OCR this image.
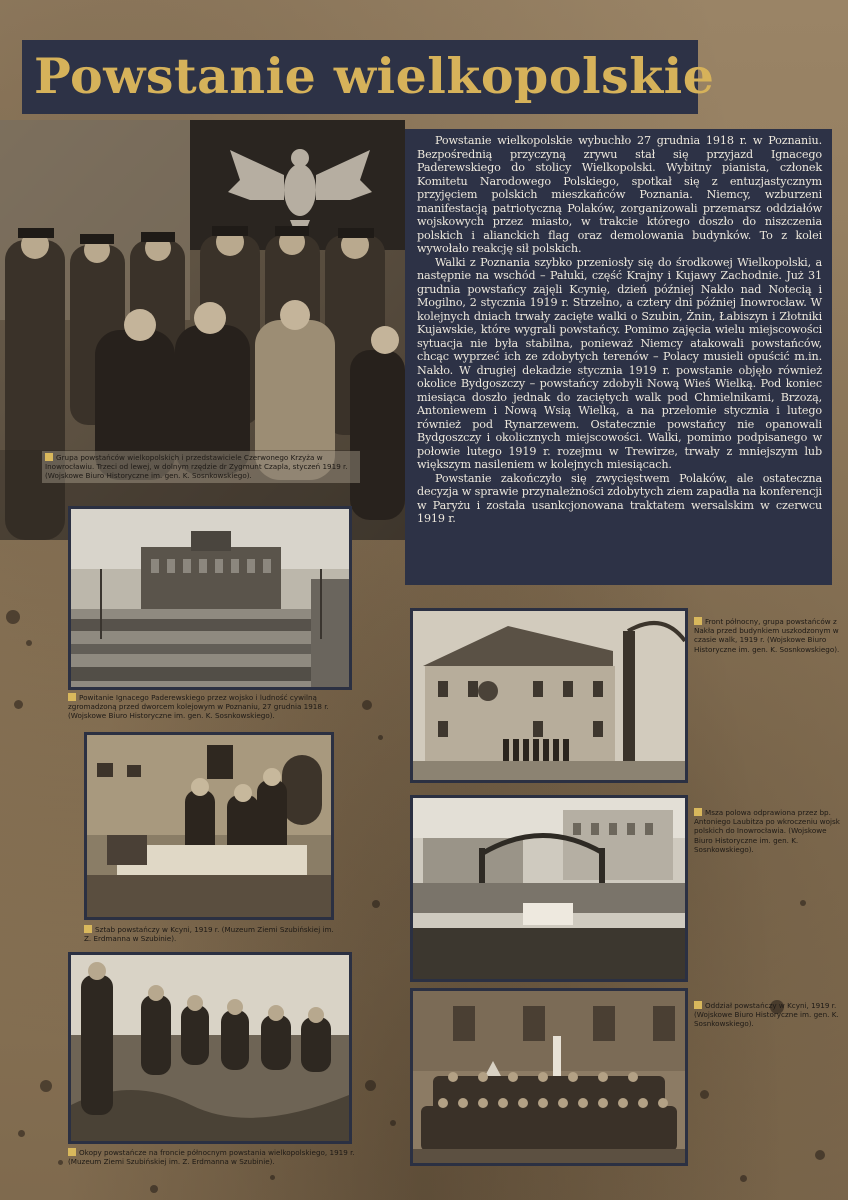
Powstanie wielkopolskie

Grupa powstańców wielkopolskich i przedstawiciele Czerwonego Krzyża w Inowrocławiu. Trzeci od lewej, w dolnym rzędzie dr Zygmunt Czapla, styczeń 1919 r. (Wojskowe Biuro Historyczne im. gen. K. Sosnkowskiego).

Powstanie wielkopolskie wybuchło 27 grudnia 1918 r. w Poznaniu. Bezpośrednią przyczyną zrywu stał się przyjazd Ignacego Paderewskiego do stolicy Wielkopolski. Wybitny pianista, członek Komitetu Narodowego Polskiego, spotkał się z entuzjastycznym przyjęciem polskich mieszkańców Poznania. Niemcy, wzburzeni manifestacją patriotyczną Polaków, zorganizowali przemarsz oddziałów wojskowych przez miasto, w trakcie którego doszło do niszczenia polskich i alianckich flag oraz demolowania budynków. To z kolei wywołało reakcję sił polskich.

Walki z Poznania szybko przeniosły się do środkowej Wielkopolski, a następnie na wschód – Pałuki, część Krajny i Kujawy Zachodnie. Już 31 grudnia powstańcy zajęli Kcynię, dzień później Nakło nad Notecią i Mogilno, 2 stycznia 1919 r. Strzelno, a cztery dni później Inowrocław. W kolejnych dniach trwały zacięte walki o Szubin, Żnin, Łabiszyn i Złotniki Kujawskie, które wygrali powstańcy. Pomimo zajęcia wielu miejscowości sytuacja nie była stabilna, ponieważ Niemcy atakowali powstańców, chcąc wyprzeć ich ze zdobytych terenów – Polacy musieli opuścić m.in. Nakło. W drugiej dekadzie stycznia 1919 r. powstanie objęło również okolice Bydgoszczy – powstańcy zdobyli Nową Wieś Wielką. Pod koniec miesiąca doszło jednak do zaciętych walk pod Chmielnikami, Brzozą, Antoniewem i Nową Wsią Wielką, a na przełomie stycznia i lutego również pod Rynarzewem. Ostatecznie powstańcy nie opanowali Bydgoszczy i okolicznych miejscowości. Walki, pomimo podpisanego w połowie lutego 1919 r. rozejmu w Trewirze, trwały z mniejszym lub większym nasileniem w kolejnych miesiącach.

Powstanie zakończyło się zwycięstwem Polaków, ale ostateczna decyzja w sprawie przynależności zdobytych ziem zapadła na konferencji w Paryżu i została usankcjonowana traktatem wersalskim w czerwcu 1919 r.

Powitanie Ignacego Paderewskiego przez wojsko i ludność cywilną zgromadzoną przed dworcem kolejowym w Poznaniu, 27 grudnia 1918 r. (Wojskowe Biuro Historyczne im. gen. K. Sosnkowskiego).

Sztab powstańczy w Kcyni, 1919 r. (Muzeum Ziemi Szubińskiej im. Z. Erdmanna w Szubinie).

Okopy powstańcze na froncie północnym powstania wielkopolskiego, 1919 r. (Muzeum Ziemi Szubińskiej im. Z. Erdmanna w Szubinie).

Front północny, grupa powstańców z Nakła przed budynkiem uszkodzonym w czasie walk, 1919 r. (Wojskowe Biuro Historyczne im. gen. K. Sosnkowskiego).

Msza polowa odprawiona przez bp. Antoniego Laubitza po wkroczeniu wojsk polskich do Inowrocławia. (Wojskowe Biuro Historyczne im. gen. K. Sosnkowskiego).

Oddział powstańczy w Kcyni, 1919 r. (Wojskowe Biuro Historyczne im. gen. K. Sosnkowskiego).
